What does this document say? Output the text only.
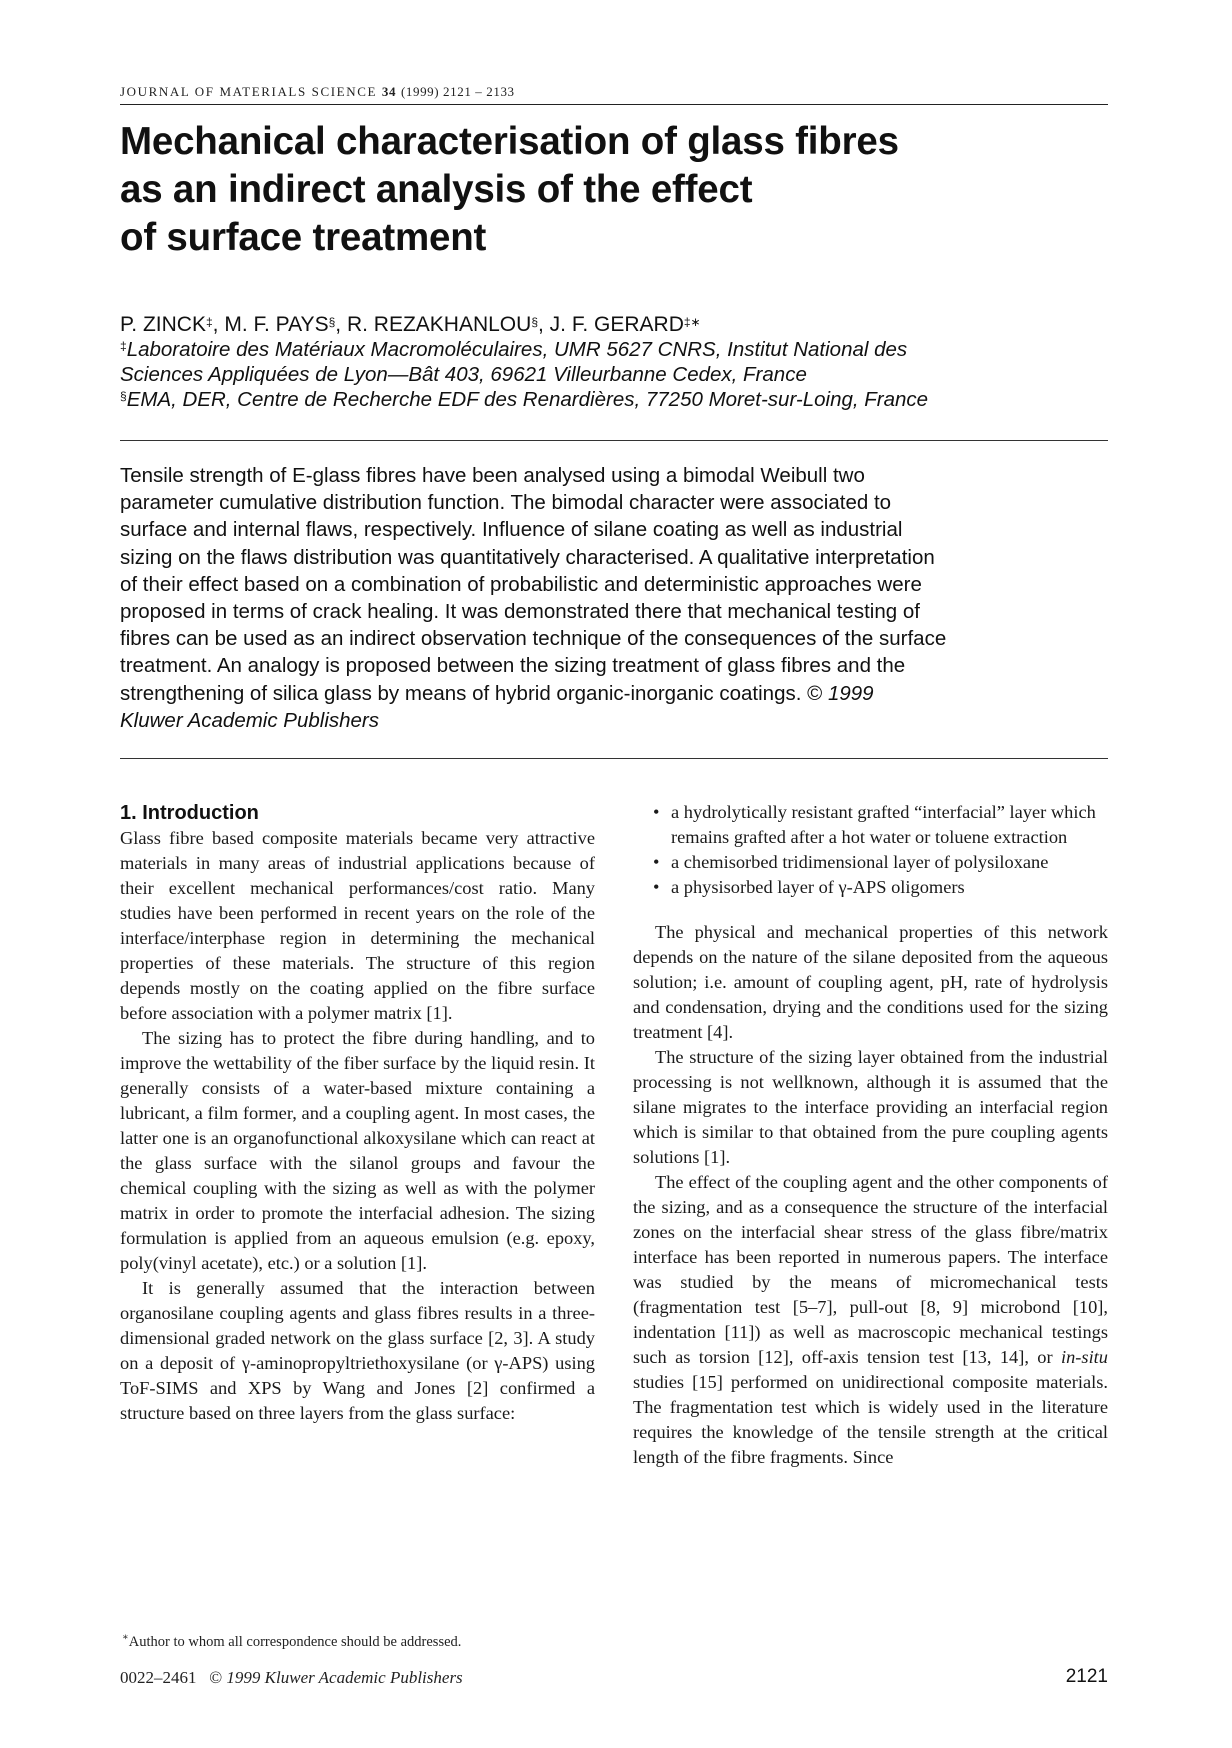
JOURNAL OF MATERIALS SCIENCE 34 (1999) 2121 – 2133
Mechanical characterisation of glass fibres
as an indirect analysis of the effect
of surface treatment
P. ZINCK‡, M. F. PAYS§, R. REZAKHANLOU§, J. F. GERARD‡∗
‡Laboratoire des Matériaux Macromoléculaires, UMR 5627 CNRS, Institut National des
Sciences Appliquées de Lyon—Bât 403, 69621 Villeurbanne Cedex, France
§EMA, DER, Centre de Recherche EDF des Renardières, 77250 Moret-sur-Loing, France
Tensile strength of E-glass fibres have been analysed using a bimodal Weibull two
parameter cumulative distribution function. The bimodal character were associated to
surface and internal flaws, respectively. Influence of silane coating as well as industrial
sizing on the flaws distribution was quantitatively characterised. A qualitative interpretation
of their effect based on a combination of probabilistic and deterministic approaches were
proposed in terms of crack healing. It was demonstrated there that mechanical testing of
fibres can be used as an indirect observation technique of the consequences of the surface
treatment. An analogy is proposed between the sizing treatment of glass fibres and the
strengthening of silica glass by means of hybrid organic-inorganic coatings. © 1999
Kluwer Academic Publishers
1. Introduction

Glass fibre based composite materials became very attractive materials in many areas of industrial applications because of their excellent mechanical performances/cost ratio. Many studies have been performed in recent years on the role of the interface/interphase region in determining the mechanical properties of these materials. The structure of this region depends mostly on the coating applied on the fibre surface before association with a polymer matrix [1].

The sizing has to protect the fibre during handling, and to improve the wettability of the fiber surface by the liquid resin. It generally consists of a water-based mixture containing a lubricant, a film former, and a coupling agent. In most cases, the latter one is an organofunctional alkoxysilane which can react at the glass surface with the silanol groups and favour the chemical coupling with the sizing as well as with the polymer matrix in order to promote the interfacial adhesion. The sizing formulation is applied from an aqueous emulsion (e.g. epoxy, poly(vinyl acetate), etc.) or a solution [1].

It is generally assumed that the interaction between organosilane coupling agents and glass fibres results in a three-dimensional graded network on the glass surface [2, 3]. A study on a deposit of γ-aminopropyltriethoxysilane (or γ-APS) using ToF-SIMS and XPS by Wang and Jones [2] confirmed a structure based on three layers from the glass surface:

• a hydrolytically resistant grafted “interfacial” layer which remains grafted after a hot water or toluene extraction
• a chemisorbed tridimensional layer of polysiloxane
• a physisorbed layer of γ-APS oligomers

The physical and mechanical properties of this network depends on the nature of the silane deposited from the aqueous solution; i.e. amount of coupling agent, pH, rate of hydrolysis and condensation, drying and the conditions used for the sizing treatment [4].

The structure of the sizing layer obtained from the industrial processing is not wellknown, although it is assumed that the silane migrates to the interface providing an interfacial region which is similar to that obtained from the pure coupling agents solutions [1].

The effect of the coupling agent and the other components of the sizing, and as a consequence the structure of the interfacial zones on the interfacial shear stress of the glass fibre/matrix interface has been reported in numerous papers. The interface was studied by the means of micromechanical tests (fragmentation test [5–7], pull-out [8, 9] microbond [10], indentation [11]) as well as macroscopic mechanical testings such as torsion [12], off-axis tension test [13, 14], or in-situ studies [15] performed on unidirectional composite materials. The fragmentation test which is widely used in the literature requires the knowledge of the tensile strength at the critical length of the fibre fragments. Since

∗Author to whom all correspondence should be addressed.
0022–2461 © 1999 Kluwer Academic Publishers	2121
